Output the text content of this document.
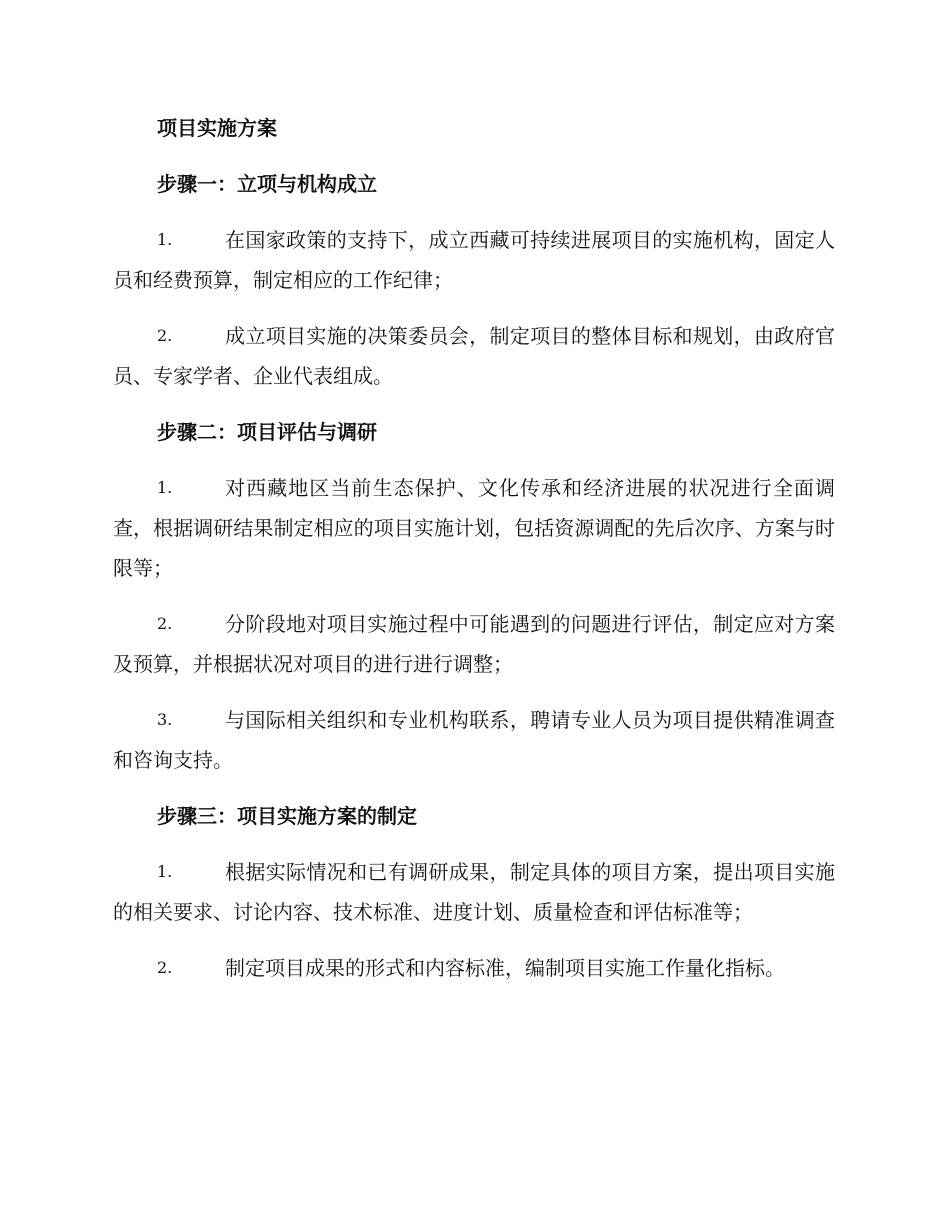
项目实施方案
步骤一：立项与机构成立
1.	在国家政策的支持下，成立西藏可持续进展项目的实施机构，固定人员和经费预算，制定相应的工作纪律；
2.	成立项目实施的决策委员会，制定项目的整体目标和规划，由政府官员、专家学者、企业代表组成。
步骤二：项目评估与调研
1.	对西藏地区当前生态保护、文化传承和经济进展的状况进行全面调查，根据调研结果制定相应的项目实施计划，包括资源调配的先后次序、方案与时限等；
2.	分阶段地对项目实施过程中可能遇到的问题进行评估，制定应对方案及预算，并根据状况对项目的进行进行调整；
3.	与国际相关组织和专业机构联系，聘请专业人员为项目提供精准调查和咨询支持。
步骤三：项目实施方案的制定
1.	根据实际情况和已有调研成果，制定具体的项目方案，提出项目实施的相关要求、讨论内容、技术标准、进度计划、质量检查和评估标准等；
2.	制定项目成果的形式和内容标准，编制项目实施工作量化指标。
